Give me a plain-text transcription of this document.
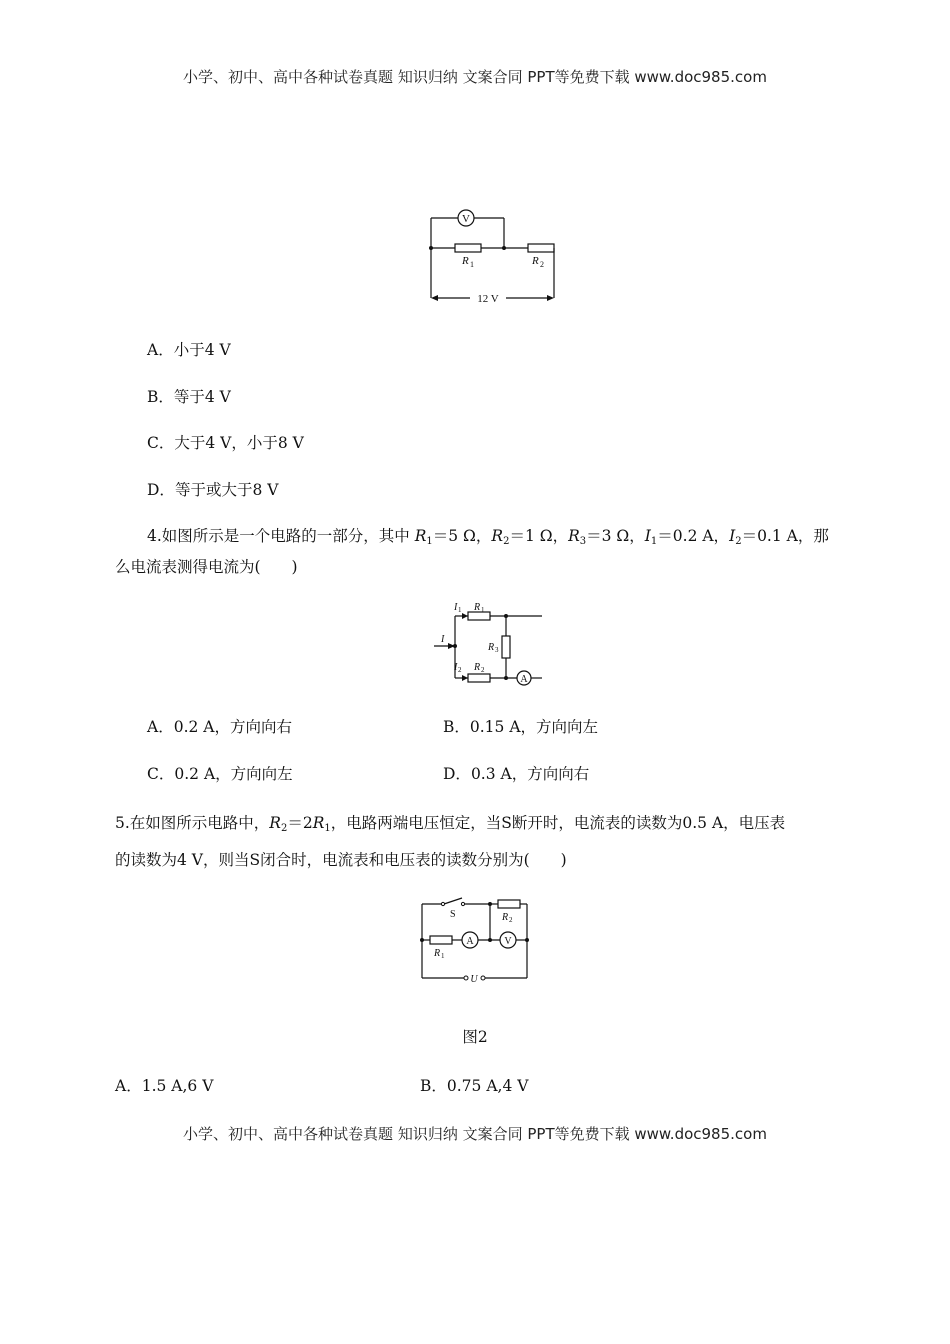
小学、初中、高中各种试卷真题 知识归纳 文案合同 PPT等免费下载 www.doc985.com
V
R 1	R 2
12 V
A．小于4 V
B．等于4 V
C．大于4 V，小于8 V
D．等于或大于8 V
4.如图所示是一个电路的一部分，其中 $R_1=5$ Ω，$R_2=1$ Ω，$R_3=3$ Ω，$I_1=0.2$ A，$I_2=0.1$ A，那
么电流表测得电流为(　　)
I 1 R 1
I
R 3
I 2 R 2
A
A．0.2 A，方向向右	B．0.15 A，方向向左
C．0.2 A，方向向左	D．0.3 A，方向向右
5.在如图所示电路中，$R_2=2R_1$，电路两端电压恒定，当S断开时，电流表的读数为0.5 A，电压表
的读数为4 V，则当S闭合时，电流表和电压表的读数分别为(　　)
S	R 2
R 1
A	V
U
图2
A．1.5 A,6 V	B．0.75 A,4 V
小学、初中、高中各种试卷真题 知识归纳 文案合同 PPT等免费下载 www.doc985.com
